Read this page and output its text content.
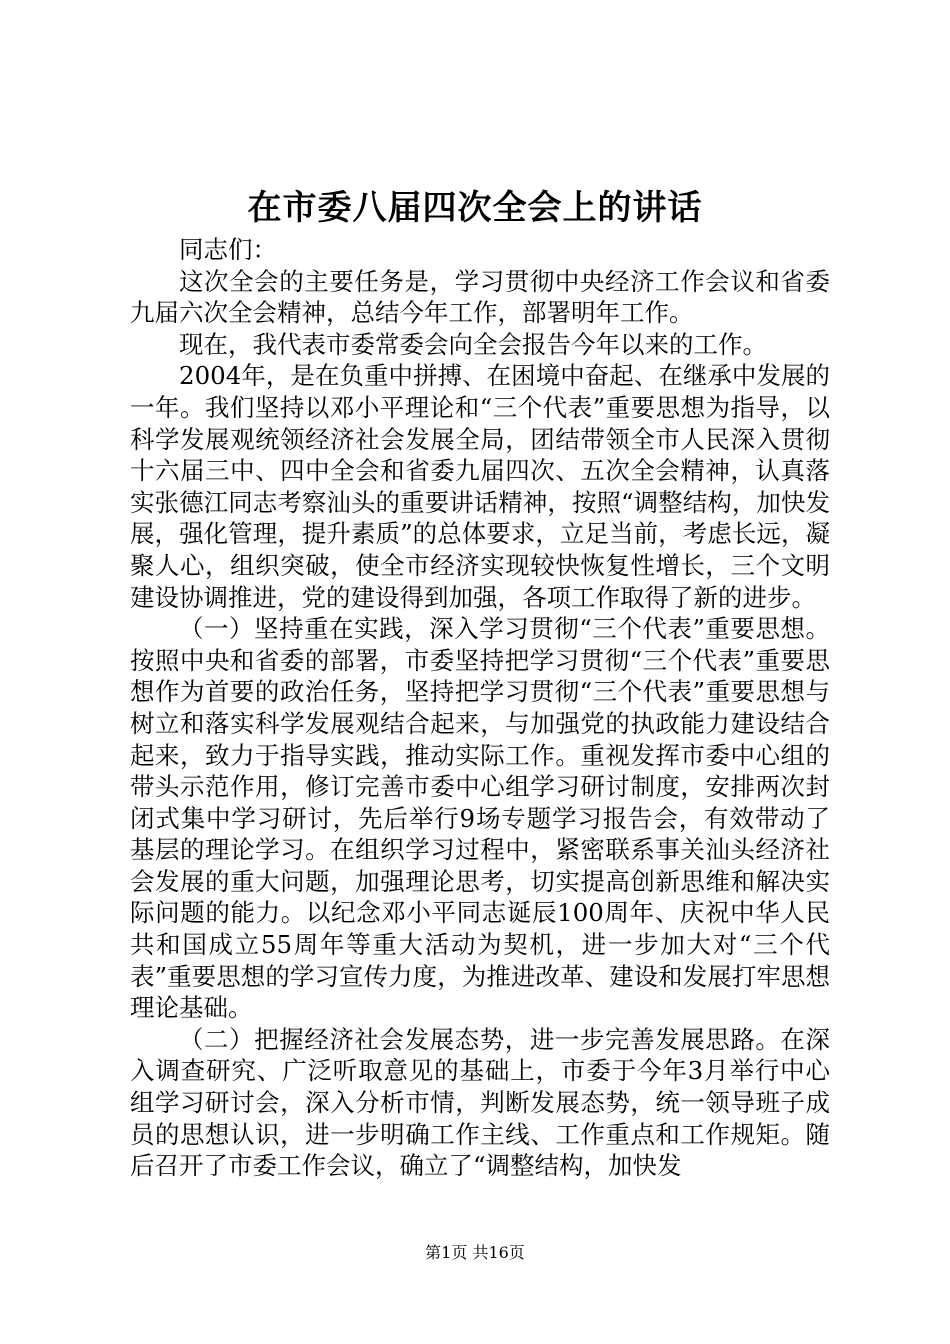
在市委八届四次全会上的讲话

同志们：

这次全会的主要任务是，学习贯彻中央经济工作会议和省委九届六次全会精神，总结今年工作，部署明年工作。

现在，我代表市委常委会向全会报告今年以来的工作。

2004年，是在负重中拼搏、在困境中奋起、在继承中发展的一年。我们坚持以邓小平理论和“三个代表”重要思想为指导，以科学发展观统领经济社会发展全局，团结带领全市人民深入贯彻十六届三中、四中全会和省委九届四次、五次全会精神，认真落实张德江同志考察汕头的重要讲话精神，按照“调整结构，加快发展，强化管理，提升素质”的总体要求，立足当前，考虑长远，凝聚人心，组织突破，使全市经济实现较快恢复性增长，三个文明建设协调推进，党的建设得到加强，各项工作取得了新的进步。

（一）坚持重在实践，深入学习贯彻“三个代表”重要思想。按照中央和省委的部署，市委坚持把学习贯彻“三个代表”重要思想作为首要的政治任务，坚持把学习贯彻“三个代表”重要思想与树立和落实科学发展观结合起来，与加强党的执政能力建设结合起来，致力于指导实践，推动实际工作。重视发挥市委中心组的带头示范作用，修订完善市委中心组学习研讨制度，安排两次封闭式集中学习研讨，先后举行9场专题学习报告会，有效带动了基层的理论学习。在组织学习过程中，紧密联系事关汕头经济社会发展的重大问题，加强理论思考，切实提高创新思维和解决实际问题的能力。以纪念邓小平同志诞辰100周年、庆祝中华人民共和国成立55周年等重大活动为契机，进一步加大对“三个代表”重要思想的学习宣传力度，为推进改革、建设和发展打牢思想理论基础。

（二）把握经济社会发展态势，进一步完善发展思路。在深入调查研究、广泛听取意见的基础上，市委于今年3月举行中心组学习研讨会，深入分析市情，判断发展态势，统一领导班子成员的思想认识，进一步明确工作主线、工作重点和工作规矩。随后召开了市委工作会议，确立了“调整结构，加快发

第1页 共16页
